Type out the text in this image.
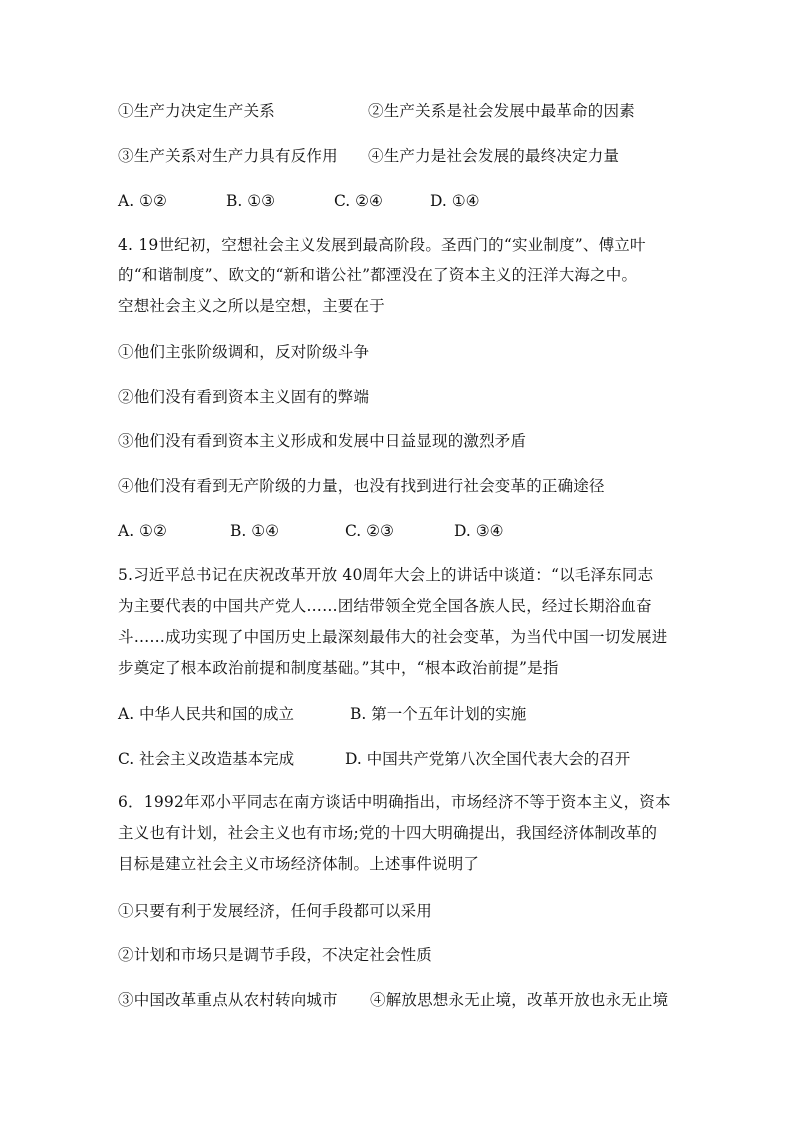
①生产力决定生产关系	②生产关系是社会发展中最革命的因素
③生产关系对生产力具有反作用 ④生产力是社会发展的最终决定力量
A. ①②	B. ①③	C. ②④	D. ①④
4. 19世纪初，空想社会主义发展到最高阶段。圣西门的“实业制度”、傅立叶
的“和谐制度”、欧文的“新和谐公社”都湮没在了资本主义的汪洋大海之中。
空想社会主义之所以是空想，主要在于
①他们主张阶级调和，反对阶级斗争
②他们没有看到资本主义固有的弊端
③他们没有看到资本主义形成和发展中日益显现的激烈矛盾
④他们没有看到无产阶级的力量，也没有找到进行社会变革的正确途径
A. ①②	B. ①④	C. ②③	D. ③④
5.习近平总书记在庆祝改革开放 40周年大会上的讲话中谈道：“以毛泽东同志
为主要代表的中国共产党人……团结带领全党全国各族人民，经过长期浴血奋
斗……成功实现了中国历史上最深刻最伟大的社会变革，为当代中国一切发展进
步奠定了根本政治前提和制度基础。”其中，“根本政治前提”是指
A. 中华人民共和国的成立	B. 第一个五年计划的实施
C. 社会主义改造基本完成	D. 中国共产党第八次全国代表大会的召开
6．1992年邓小平同志在南方谈话中明确指出，市场经济不等于资本主义，资本
主义也有计划，社会主义也有市场;党的十四大明确提出，我国经济体制改革的
目标是建立社会主义市场经济体制。上述事件说明了
①只要有利于发展经济，任何手段都可以采用
②计划和市场只是调节手段，不决定社会性质
③中国改革重点从农村转向城市 ④解放思想永无止境，改革开放也永无止境
